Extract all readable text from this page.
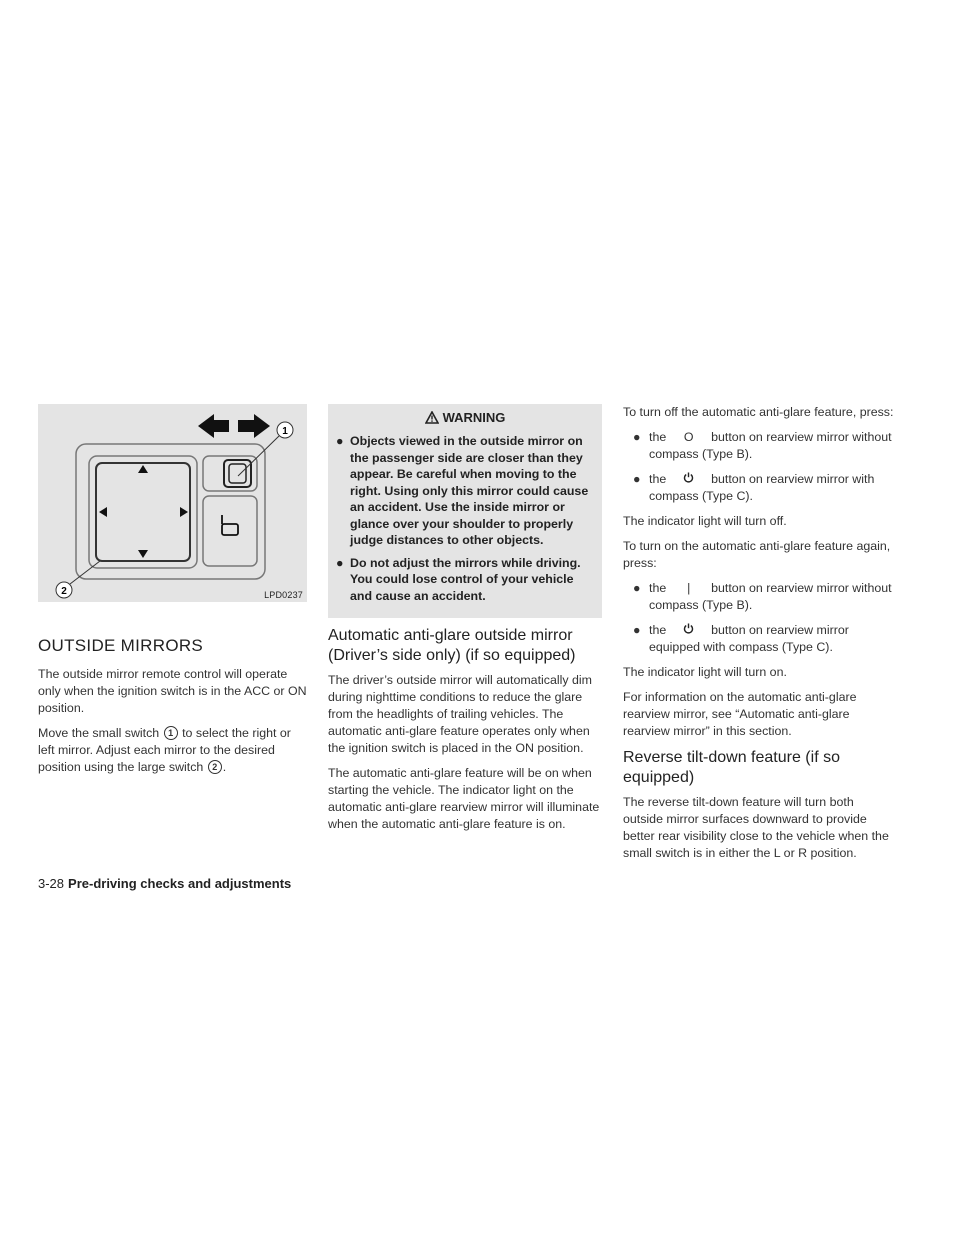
1
2	LPD0237
OUTSIDE MIRRORS

The outside mirror remote control will operate only when the ignition switch is in the ACC or ON position.

Move the small switch 1 to select the right or left mirror. Adjust each mirror to the desired position using the large switch 2 .

WARNING
● Objects viewed in the outside mirror on the passenger side are closer than they appear. Be careful when moving to the right. Using only this mirror could cause an accident. Use the inside mirror or glance over your shoulder to properly judge distances to other objects.
● Do not adjust the mirrors while driving. You could lose control of your vehicle and cause an accident.
Automatic anti-glare outside mirror (Driver’s side only) (if so equipped)

The driver’s outside mirror will automatically dim during nighttime conditions to reduce the glare from the headlights of trailing vehicles. The automatic anti-glare feature operates only when the ignition switch is placed in the ON position.

The automatic anti-glare feature will be on when starting the vehicle. The indicator light on the automatic anti-glare rearview mirror will illuminate when the automatic anti-glare feature is on.

To turn off the automatic anti-glare feature, press:

● the O button on rearview mirror without compass (Type B).
● the	button on rearview mirror with compass (Type C).

The indicator light will turn off.

To turn on the automatic anti-glare feature again, press:

● the | button on rearview mirror without compass (Type B).
● the	button on rearview mirror equipped with compass (Type C).

The indicator light will turn on.

For information on the automatic anti-glare rearview mirror, see “Automatic anti-glare rearview mirror” in this section.

Reverse tilt-down feature (if so equipped)

The reverse tilt-down feature will turn both outside mirror surfaces downward to provide better rear visibility close to the vehicle when the small switch is in either the L or R position.

3-28 Pre-driving checks and adjustments
